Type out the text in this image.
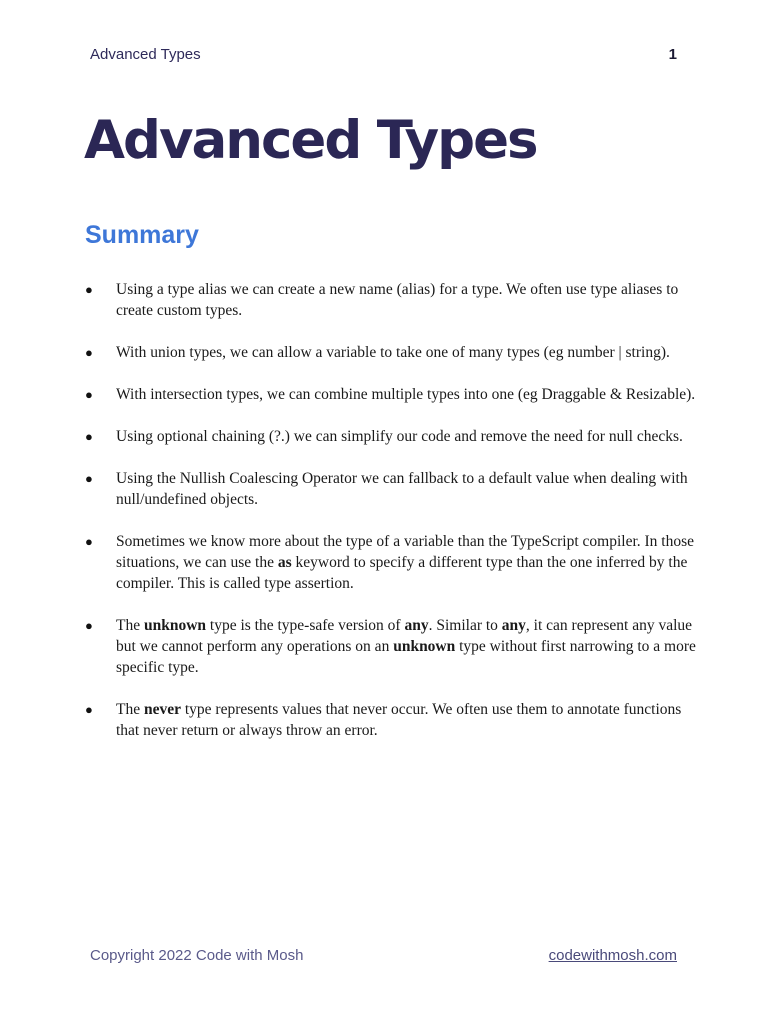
Advanced Types	1
Advanced Types
Summary
●	Using a type alias we can create a new name (alias) for a type. We often use type aliases to create custom types.
●	With union types, we can allow a variable to take one of many types (eg number | string).
●	With intersection types, we can combine multiple types into one (eg Draggable & Resizable).
●	Using optional chaining (?.) we can simplify our code and remove the need for null checks.
●	Using the Nullish Coalescing Operator we can fallback to a default value when dealing with null/undefined objects.
●	Sometimes we know more about the type of a variable than the TypeScript compiler. In those situations, we can use the as keyword to specify a different type than the one inferred by the compiler. This is called type assertion.
●	The unknown type is the type-safe version of any. Similar to any, it can represent any value but we cannot perform any operations on an unknown type without first narrowing to a more specific type.
●	The never type represents values that never occur. We often use them to annotate functions that never return or always throw an error.
Copyright 2022 Code with Mosh	codewithmosh.com
